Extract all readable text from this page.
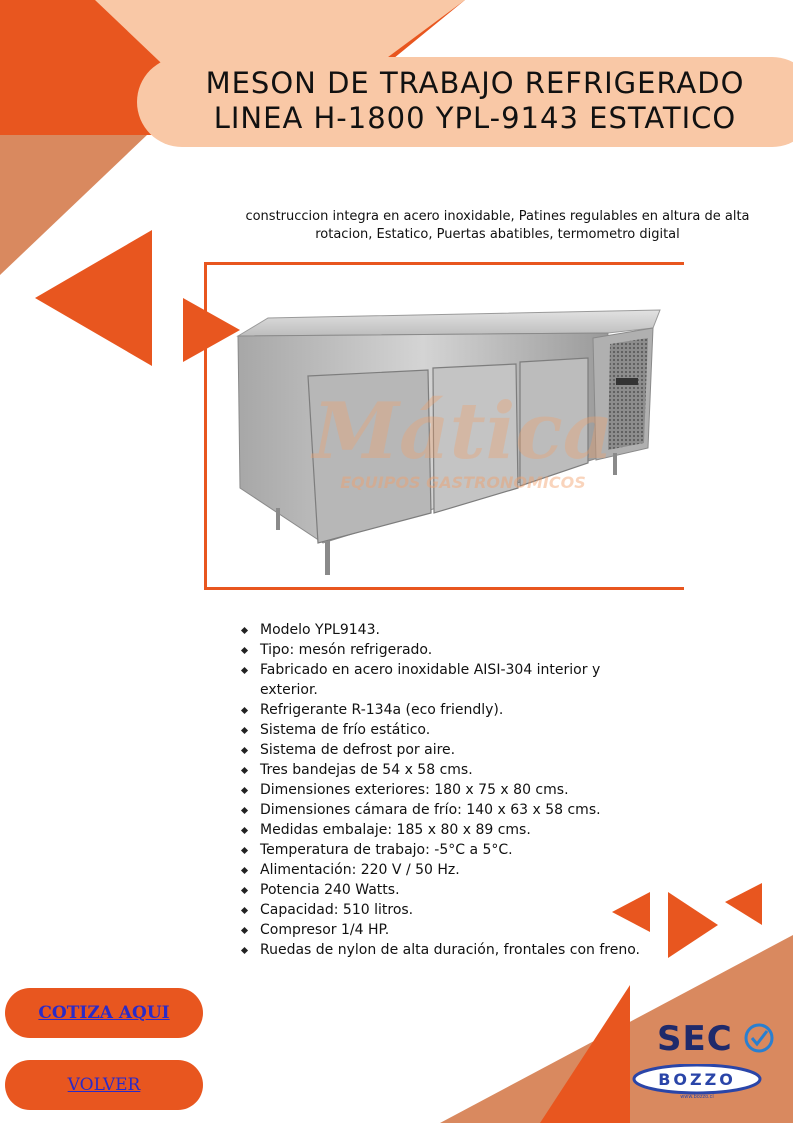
MESON DE TRABAJO REFRIGERADO LINEA H-1800 YPL-9143 ESTATICO
construccion integra en acero inoxidable, Patines regulables en altura de alta rotacion, Estatico, Puertas abatibles, termometro digital
Mática
EQUIPOS GASTRONOMICOS
Modelo YPL9143.
Tipo: mesón refrigerado.
Fabricado en acero inoxidable AISI-304 interior y exterior.
Refrigerante R-134a (eco friendly).
Sistema de frío estático.
Sistema de defrost por aire.
Tres bandejas de 54 x 58 cms.
Dimensiones exteriores: 180 x 75 x 80 cms.
Dimensiones cámara de frío: 140 x 63 x 58 cms.
Medidas embalaje: 185 x 80 x 89 cms.
Temperatura de trabajo: -5°C a 5°C.
Alimentación: 220 V / 50 Hz.
Potencia 240 Watts.
Capacidad: 510 litros.
Compresor 1/4 HP.
Ruedas de nylon de alta duración, frontales con freno.
COTIZA AQUI
VOLVER
SEC
BOZZO
www.bozzo.cl
